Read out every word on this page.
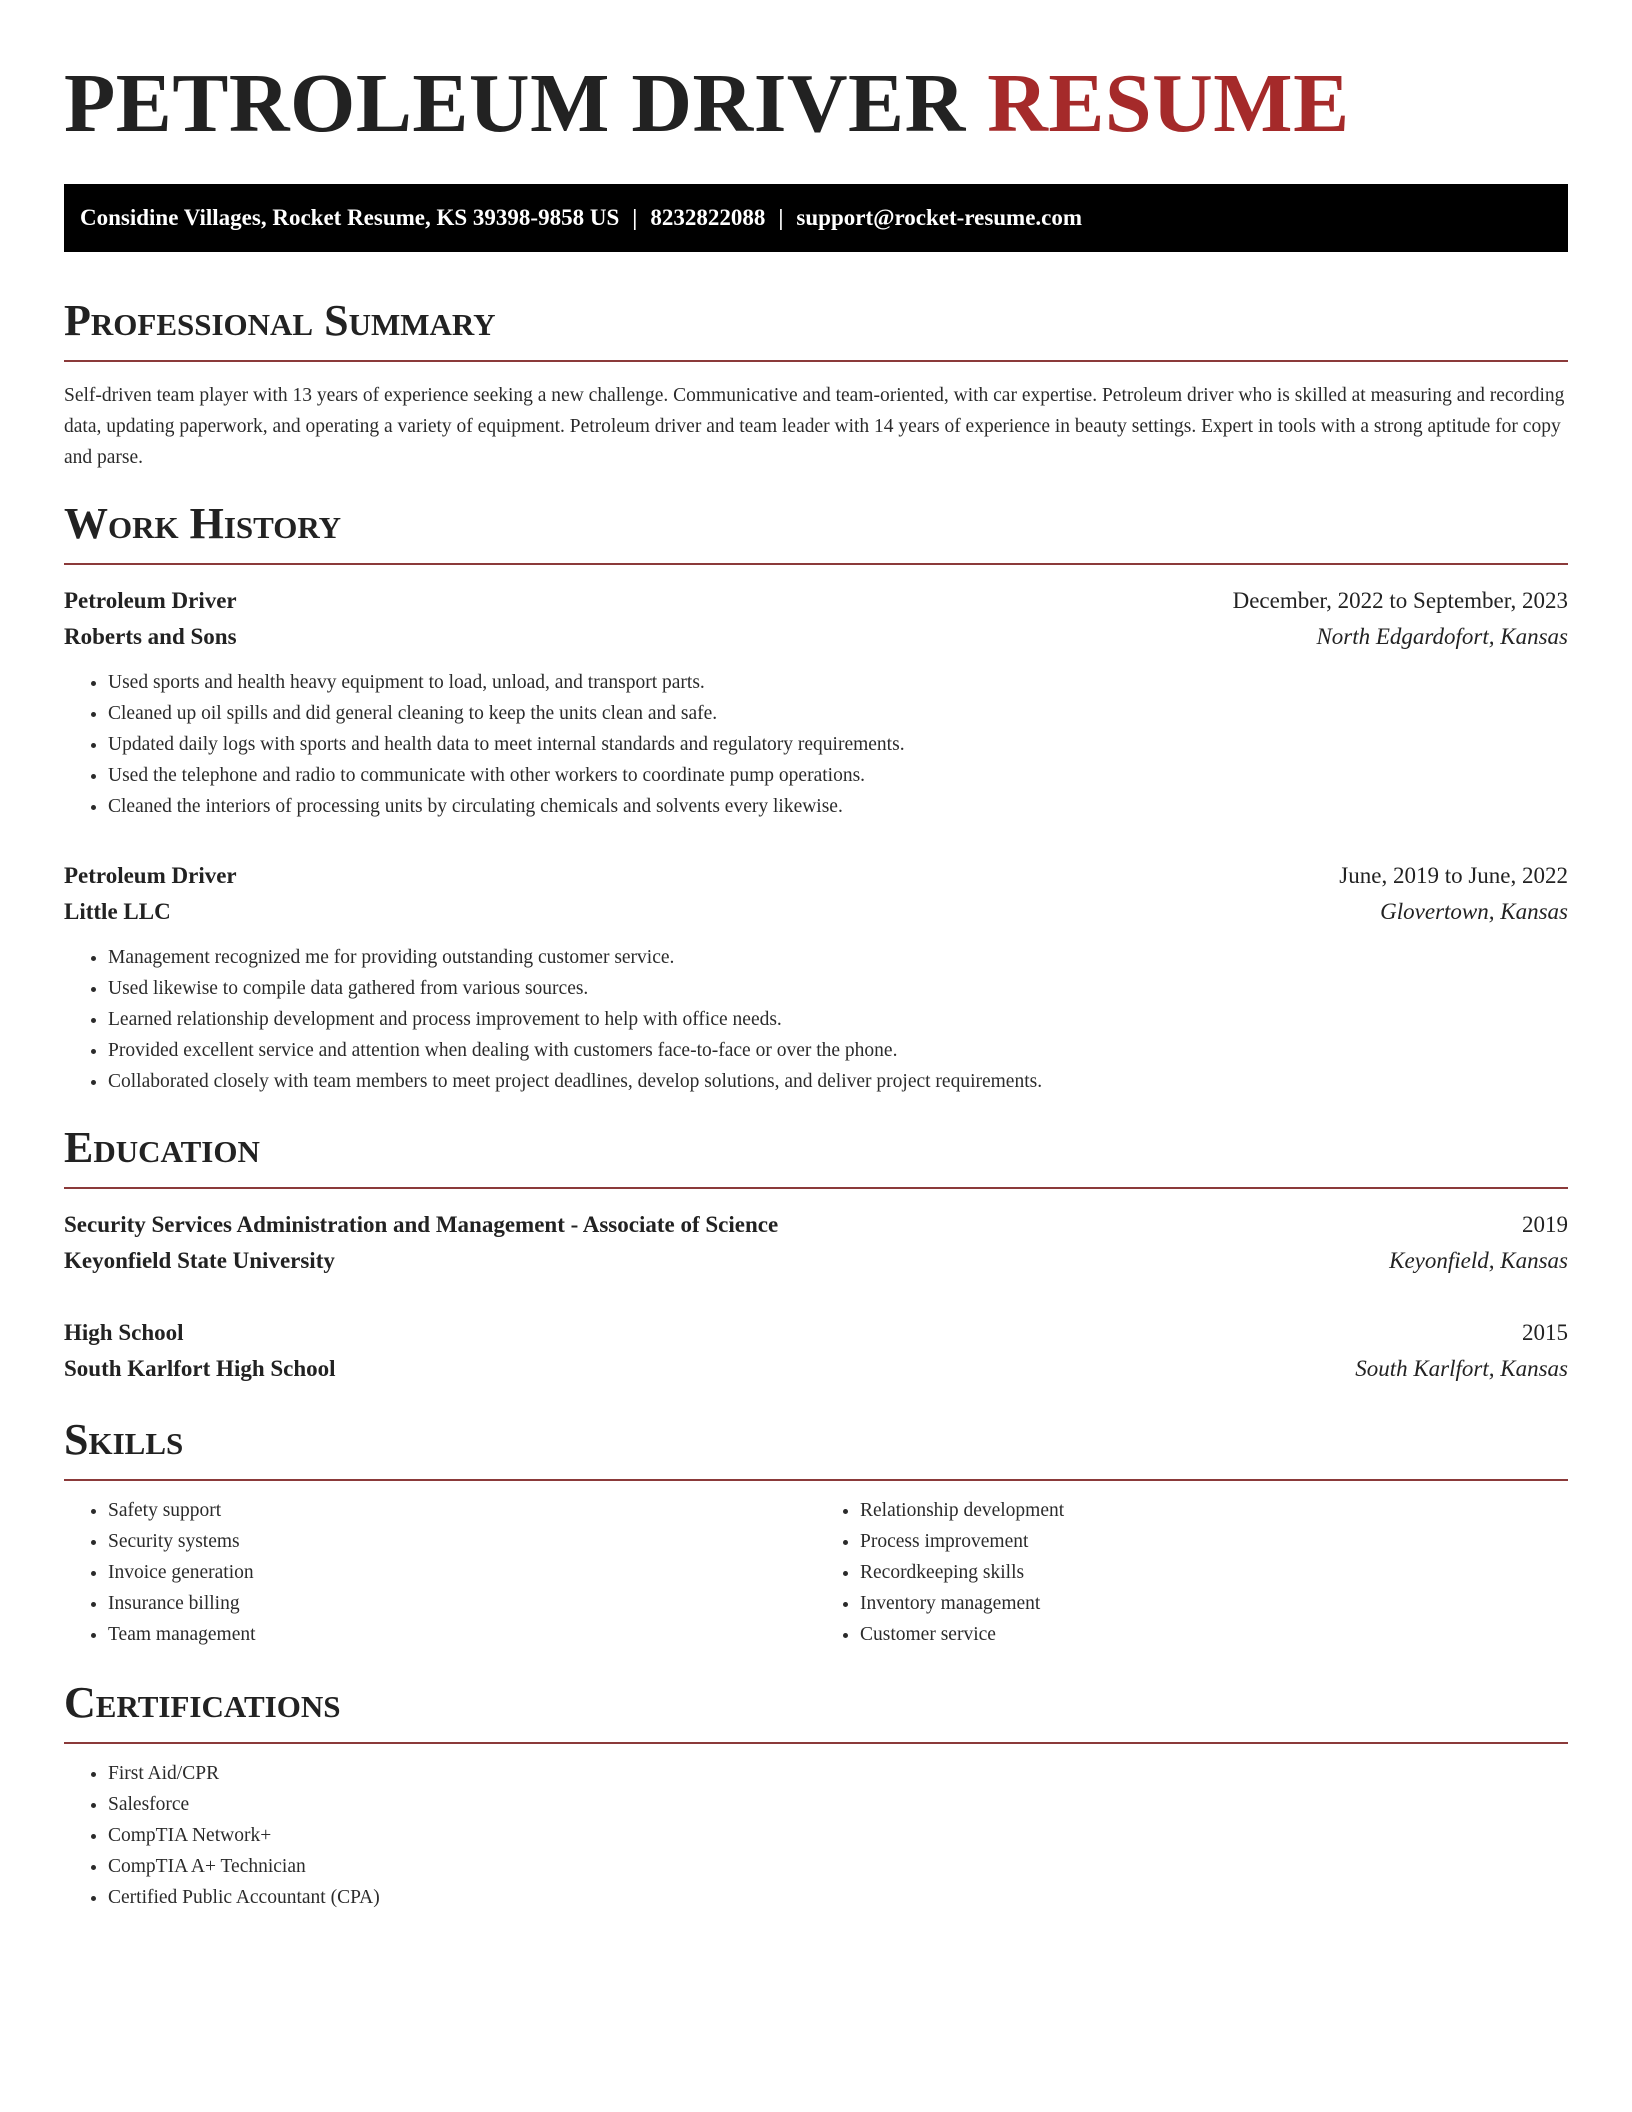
PETROLEUM DRIVER RESUME
Considine Villages, Rocket Resume, KS 39398-9858 US | 8232822088 | support@rocket-resume.com
Professional Summary

Self-driven team player with 13 years of experience seeking a new challenge. Communicative and team-oriented, with car expertise. Petroleum driver who is skilled at measuring and recording data, updating paperwork, and operating a variety of equipment. Petroleum driver and team leader with 14 years of experience in beauty settings. Expert in tools with a strong aptitude for copy and parse.

Work History
Petroleum Driver	December, 2022 to September, 2023
Roberts and Sons	North Edgardofort, Kansas
• Used sports and health heavy equipment to load, unload, and transport parts.
• Cleaned up oil spills and did general cleaning to keep the units clean and safe.
• Updated daily logs with sports and health data to meet internal standards and regulatory requirements.
• Used the telephone and radio to communicate with other workers to coordinate pump operations.
• Cleaned the interiors of processing units by circulating chemicals and solvents every likewise.
Petroleum Driver	June, 2019 to June, 2022
Little LLC	Glovertown, Kansas
• Management recognized me for providing outstanding customer service.
• Used likewise to compile data gathered from various sources.
• Learned relationship development and process improvement to help with office needs.
• Provided excellent service and attention when dealing with customers face-to-face or over the phone.
• Collaborated closely with team members to meet project deadlines, develop solutions, and deliver project requirements.
Education
Security Services Administration and Management - Associate of Science	2019
Keyonfield State University	Keyonfield, Kansas
High School	2015
South Karlfort High School	South Karlfort, Kansas
Skills
• Safety support
• Security systems
• Invoice generation
• Insurance billing
• Team management
• Relationship development
• Process improvement
• Recordkeeping skills
• Inventory management
• Customer service
Certifications
• First Aid/CPR
• Salesforce
• CompTIA Network+
• CompTIA A+ Technician
• Certified Public Accountant (CPA)
